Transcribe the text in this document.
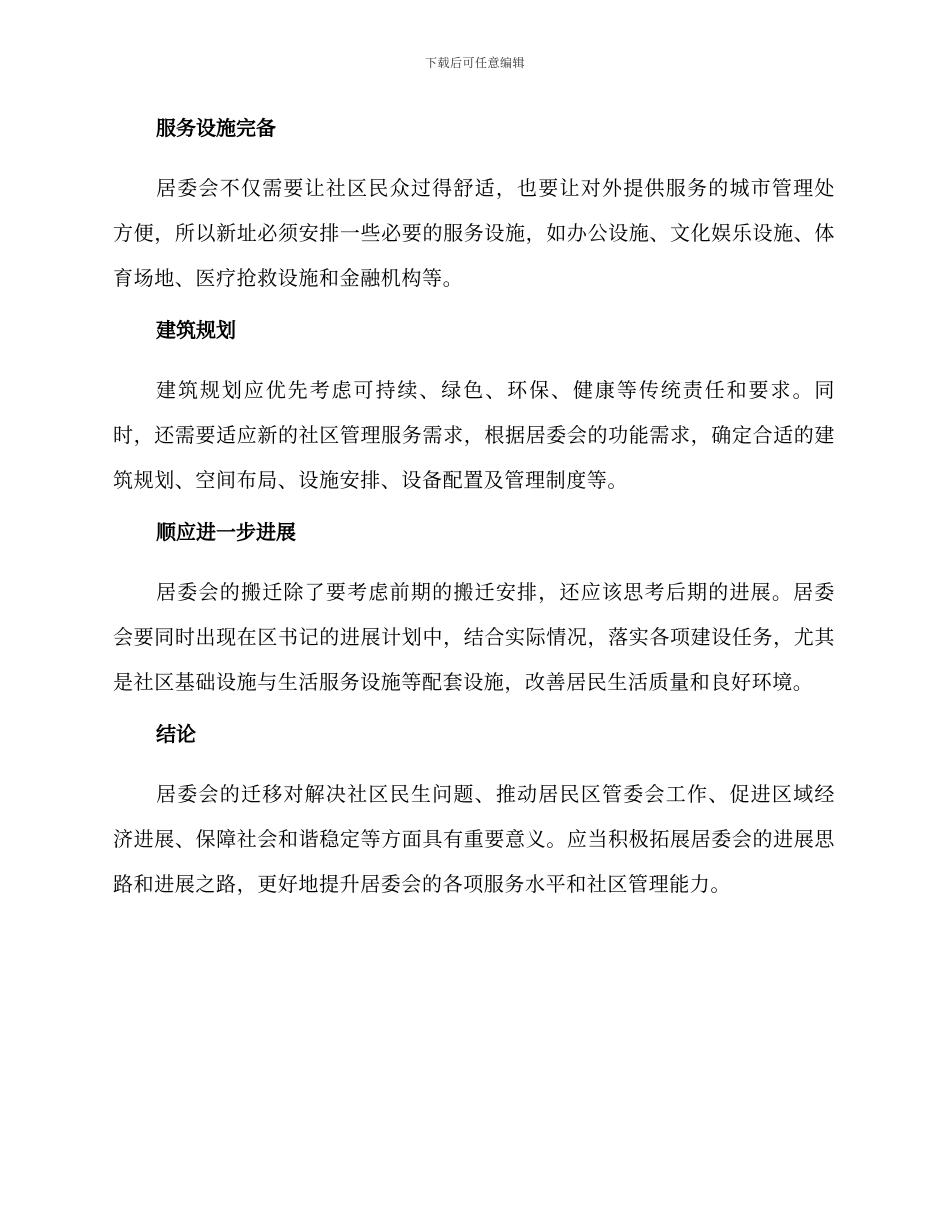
下载后可任意编辑
服务设施完备

居委会不仅需要让社区民众过得舒适，也要让对外提供服务的城市管理处方便，所以新址必须安排一些必要的服务设施，如办公设施、文化娱乐设施、体育场地、医疗抢救设施和金融机构等。

建筑规划

建筑规划应优先考虑可持续、绿色、环保、健康等传统责任和要求。同时，还需要适应新的社区管理服务需求，根据居委会的功能需求，确定合适的建筑规划、空间布局、设施安排、设备配置及管理制度等。

顺应进一步进展

居委会的搬迁除了要考虑前期的搬迁安排，还应该思考后期的进展。居委会要同时出现在区书记的进展计划中，结合实际情况，落实各项建设任务，尤其是社区基础设施与生活服务设施等配套设施，改善居民生活质量和良好环境。

结论

居委会的迁移对解决社区民生问题、推动居民区管委会工作、促进区域经济进展、保障社会和谐稳定等方面具有重要意义。应当积极拓展居委会的进展思路和进展之路，更好地提升居委会的各项服务水平和社区管理能力。
